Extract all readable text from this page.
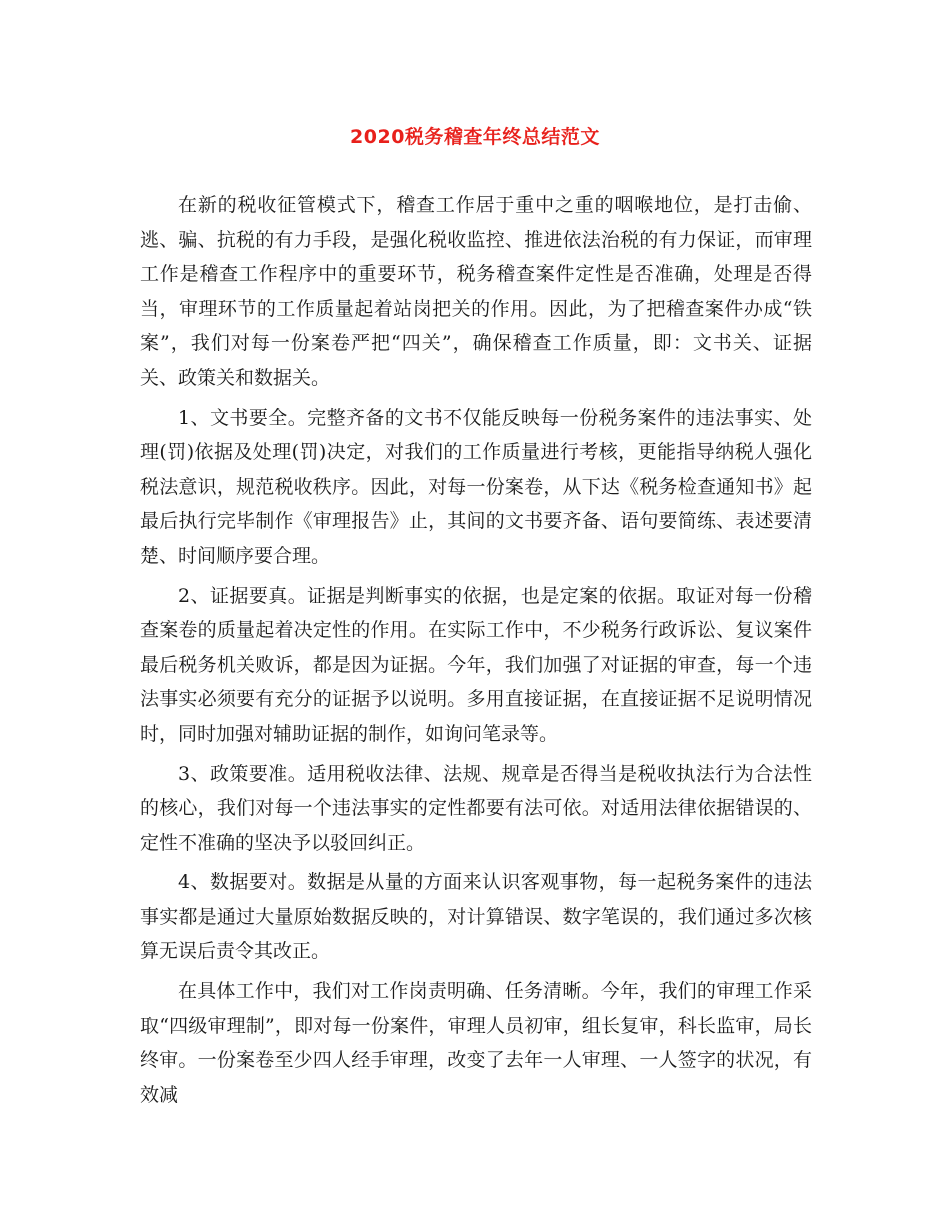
2020税务稽查年终总结范文

在新的税收征管模式下，稽查工作居于重中之重的咽喉地位，是打击偷、逃、骗、抗税的有力手段，是强化税收监控、推进依法治税的有力保证，而审理工作是稽查工作程序中的重要环节，税务稽查案件定性是否准确，处理是否得当，审理环节的工作质量起着站岗把关的作用。因此，为了把稽查案件办成“铁案”，我们对每一份案卷严把“四关”，确保稽查工作质量，即：文书关、证据关、政策关和数据关。

1、文书要全。完整齐备的文书不仅能反映每一份税务案件的违法事实、处理(罚)依据及处理(罚)决定，对我们的工作质量进行考核，更能指导纳税人强化税法意识，规范税收秩序。因此，对每一份案卷，从下达《税务检查通知书》起最后执行完毕制作《审理报告》止，其间的文书要齐备、语句要简练、表述要清楚、时间顺序要合理。

2、证据要真。证据是判断事实的依据，也是定案的依据。取证对每一份稽查案卷的质量起着决定性的作用。在实际工作中，不少税务行政诉讼、复议案件最后税务机关败诉，都是因为证据。今年，我们加强了对证据的审查，每一个违法事实必须要有充分的证据予以说明。多用直接证据，在直接证据不足说明情况时，同时加强对辅助证据的制作，如询问笔录等。

3、政策要准。适用税收法律、法规、规章是否得当是税收执法行为合法性的核心，我们对每一个违法事实的定性都要有法可依。对适用法律依据错误的、定性不准确的坚决予以驳回纠正。

4、数据要对。数据是从量的方面来认识客观事物，每一起税务案件的违法事实都是通过大量原始数据反映的，对计算错误、数字笔误的，我们通过多次核算无误后责令其改正。

在具体工作中，我们对工作岗责明确、任务清晰。今年，我们的审理工作采取“四级审理制”，即对每一份案件，审理人员初审，组长复审，科长监审，局长终审。一份案卷至少四人经手审理，改变了去年一人审理、一人签字的状况，有效减
